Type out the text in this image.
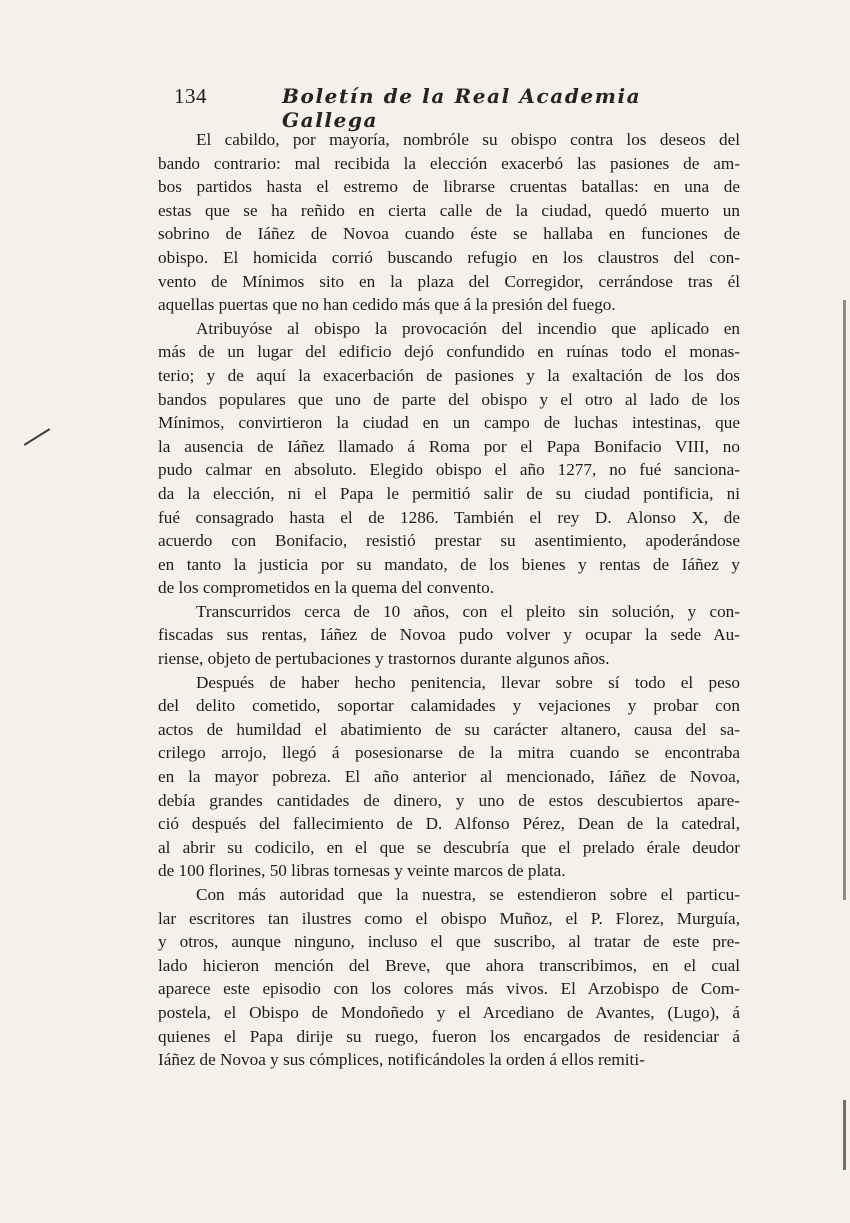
134	Boletín de la Real Academia Gallega

El cabildo, por mayoría, nombróle su obispo contra los deseos del
bando contrario: mal recibida la elección exacerbó las pasiones de am-
bos partidos hasta el estremo de librarse cruentas batallas: en una de
estas que se ha reñido en cierta calle de la ciudad, quedó muerto un
sobrino de Iáñez de Novoa cuando éste se hallaba en funciones de
obispo. El homicida corrió buscando refugio en los claustros del con-
vento de Mínimos sito en la plaza del Corregidor, cerrándose tras él
aquellas puertas que no han cedido más que á la presión del fuego.

Atribuyóse al obispo la provocación del incendio que aplicado en
más de un lugar del edificio dejó confundido en ruínas todo el monas-
terio; y de aquí la exacerbación de pasiones y la exaltación de los dos
bandos populares que uno de parte del obispo y el otro al lado de los
Mínimos, convirtieron la ciudad en un campo de luchas intestinas, que
la ausencia de Iáñez llamado á Roma por el Papa Bonifacio VIII, no
pudo calmar en absoluto. Elegido obispo el año 1277, no fué sanciona-
da la elección, ni el Papa le permitió salir de su ciudad pontificia, ni
fué consagrado hasta el de 1286. También el rey D. Alonso X, de
acuerdo con Bonifacio, resistió prestar su asentimiento, apoderándose
en tanto la justicia por su mandato, de los bienes y rentas de Iáñez y
de los comprometidos en la quema del convento.

Transcurridos cerca de 10 años, con el pleito sin solución, y con-
fiscadas sus rentas, Iáñez de Novoa pudo volver y ocupar la sede Au-
riense, objeto de pertubaciones y trastornos durante algunos años.

Después de haber hecho penitencia, llevar sobre sí todo el peso
del delito cometido, soportar calamidades y vejaciones y probar con
actos de humildad el abatimiento de su carácter altanero, causa del sa-
crilego arrojo, llegó á posesionarse de la mitra cuando se encontraba
en la mayor pobreza. El año anterior al mencionado, Iáñez de Novoa,
debía grandes cantidades de dinero, y uno de estos descubiertos apare-
ció después del fallecimiento de D. Alfonso Pérez, Dean de la catedral,
al abrir su codicilo, en el que se descubría que el prelado érale deudor
de 100 florines, 50 libras tornesas y veinte marcos de plata.

Con más autoridad que la nuestra, se estendieron sobre el particu-
lar escritores tan ilustres como el obispo Muñoz, el P. Florez, Murguía,
y otros, aunque ninguno, incluso el que suscribo, al tratar de este pre-
lado hicieron mención del Breve, que ahora transcribimos, en el cual
aparece este episodio con los colores más vivos. El Arzobispo de Com-
postela, el Obispo de Mondoñedo y el Arcediano de Avantes, (Lugo), á
quienes el Papa dirije su ruego, fueron los encargados de residenciar á
Iáñez de Novoa y sus cómplices, notificándoles la orden á ellos remiti-
